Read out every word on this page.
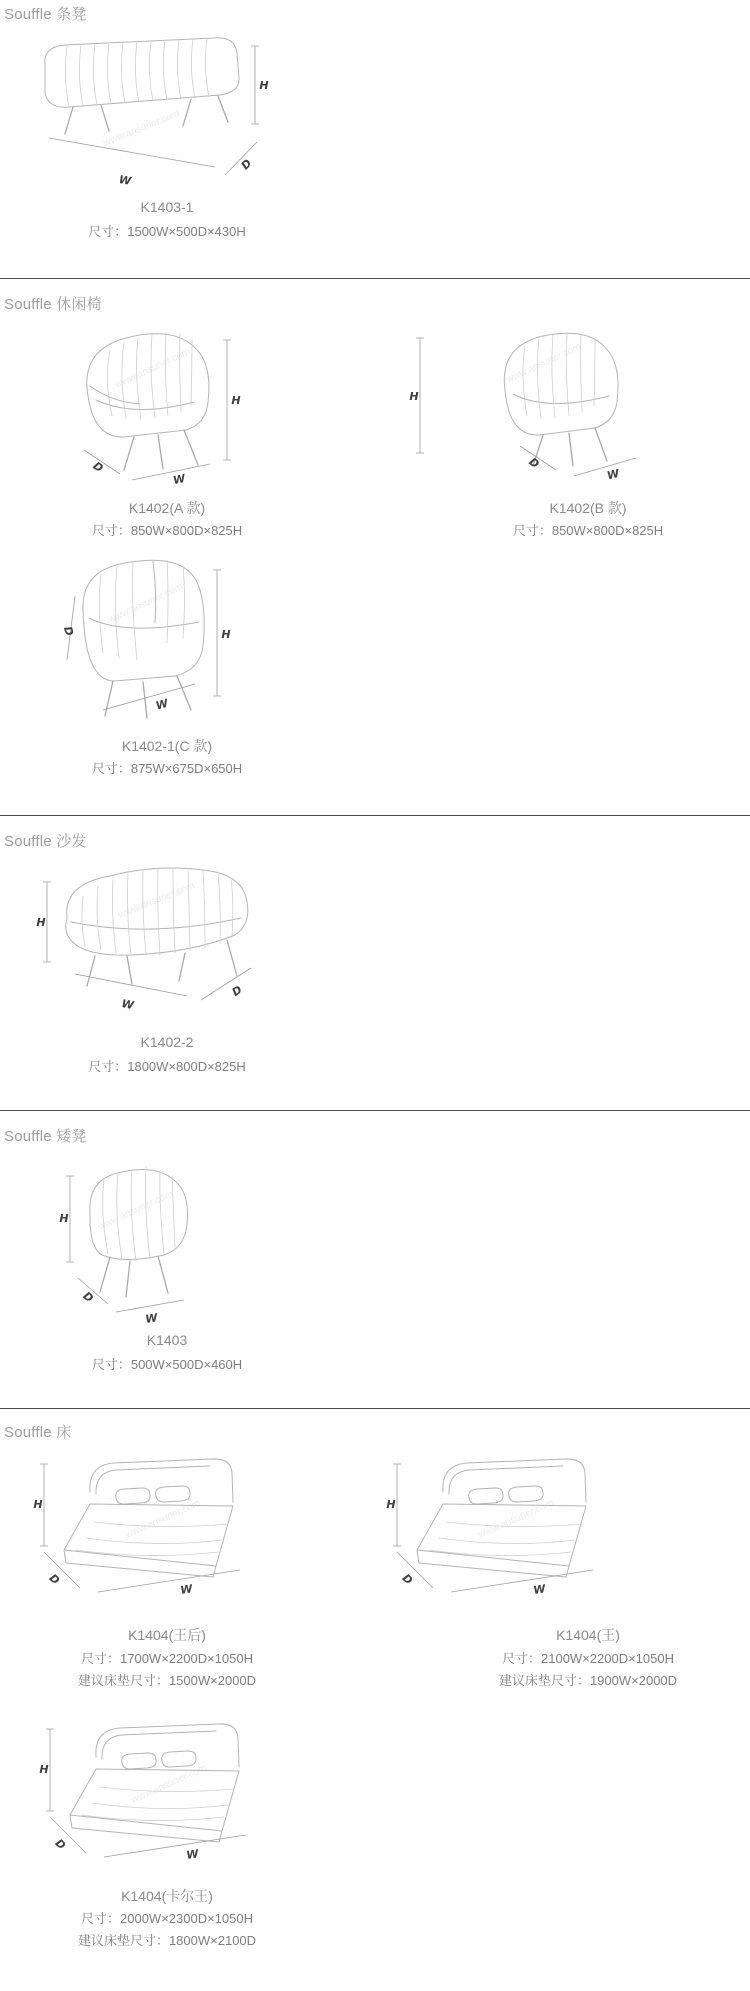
Souffle 条凳
www.ansuner.com
H
W
D
K1403-1
尺寸：1500W×500D×430H
Souffle 休闲椅
www.ansuner.com
H
D
W
K1402(A 款)
尺寸：850W×800D×825H
www.ansuner.com
H
D
W
K1402(B 款)
尺寸：850W×800D×825H
www.ansuner.com
H
D
W
K1402-1(C 款)
尺寸：875W×675D×650H
Souffle 沙发
www.ansuner.com
H
W
D
K1402-2
尺寸：1800W×800D×825H
Souffle 矮凳
www.ansuner.com
H
D
W
K1403
尺寸：500W×500D×460H
Souffle 床
www.ansuner.com
H
D
W
K1404(王后)
尺寸：1700W×2200D×1050H
建议床垫尺寸：1500W×2000D
www.ansuner.com
H
D
W
K1404(王)
尺寸：2100W×2200D×1050H
建议床垫尺寸：1900W×2000D
www.ansuner.com
H
D
W
K1404(卡尔王)
尺寸：2000W×2300D×1050H
建议床垫尺寸：1800W×2100D
